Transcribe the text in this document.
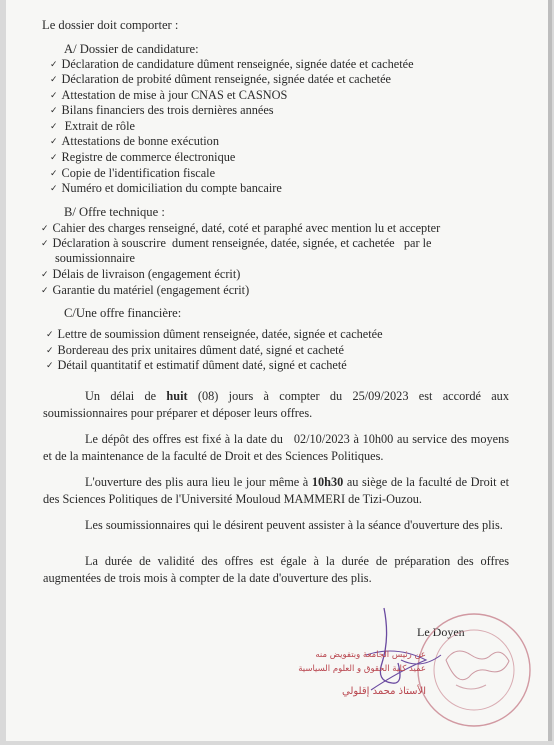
Le dossier doit comporter :
A/ Dossier de candidature:
✓ Déclaration de candidature dûment renseignée, signée datée et cachetée
✓ Déclaration de probité dûment renseignée, signée datée et cachetée
✓ Attestation de mise à jour CNAS et CASNOS
✓ Bilans financiers des trois dernières années
✓  Extrait de rôle
✓ Attestations de bonne exécution
✓ Registre de commerce électronique
✓ Copie de l'identification fiscale
✓ Numéro et domiciliation du compte bancaire
B/ Offre technique :
✓ Cahier des charges renseigné, daté, coté et paraphé avec mention lu et accepter
✓ Déclaration à souscrire  dument renseignée, datée, signée, et cachetée   par le
soumissionnaire
✓ Délais de livraison (engagement écrit)
✓ Garantie du matériel (engagement écrit)
C/Une offre financière:
✓ Lettre de soumission dûment renseignée, datée, signée et cachetée
✓ Bordereau des prix unitaires dûment daté, signé et cacheté
✓ Détail quantitatif et estimatif dûment daté, signé et cacheté
Un délai de huit (08) jours à compter du 25/09/2023 est accordé aux soumissionnaires pour préparer et déposer leurs offres.
Le dépôt des offres est fixé à la date du   02/10/2023 à 10h00 au service des moyens et de la maintenance de la faculté de Droit et des Sciences Politiques.
L'ouverture des plis aura lieu le jour même à 10h30 au siège de la faculté de Droit et des Sciences Politiques de l'Université Mouloud MAMMERI de Tizi-Ouzou.
Les soumissionnaires qui le désirent peuvent assister à la séance d'ouverture des plis.
La durée de validité des offres est égale à la durée de préparation des offres augmentées de trois mois à compter de la date d'ouverture des plis.
Le Doyen
عن رئيس الجامعة وبتفويض منه
عميد كلية الحقوق و العلوم السياسية
الأستاذ محمد إقلولي
